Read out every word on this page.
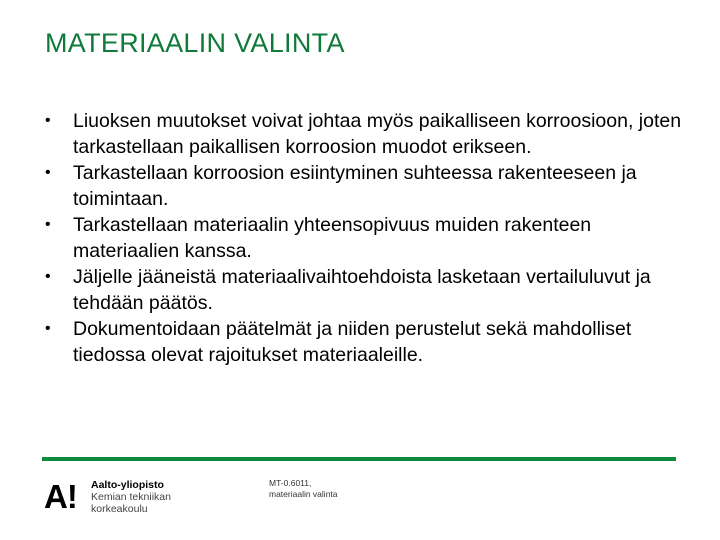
MATERIAALIN VALINTA
•	Liuoksen muutokset voivat johtaa myös paikalliseen korroosioon, joten tarkastellaan paikallisen korroosion muodot erikseen.
•	Tarkastellaan korroosion esiintyminen suhteessa rakenteeseen ja toimintaan.
•	Tarkastellaan materiaalin yhteensopivuus muiden rakenteen materiaalien kanssa.
•	Jäljelle jääneistä materiaalivaihtoehdoista lasketaan vertailuluvut ja tehdään päätös.
•	Dokumentoidaan päätelmät ja niiden perustelut sekä mahdolliset tiedossa olevat rajoitukset materiaaleille.
A! Aalto-yliopisto
Kemian tekniikan
korkeakoulu
MT-0.6011,
materiaalin valinta
